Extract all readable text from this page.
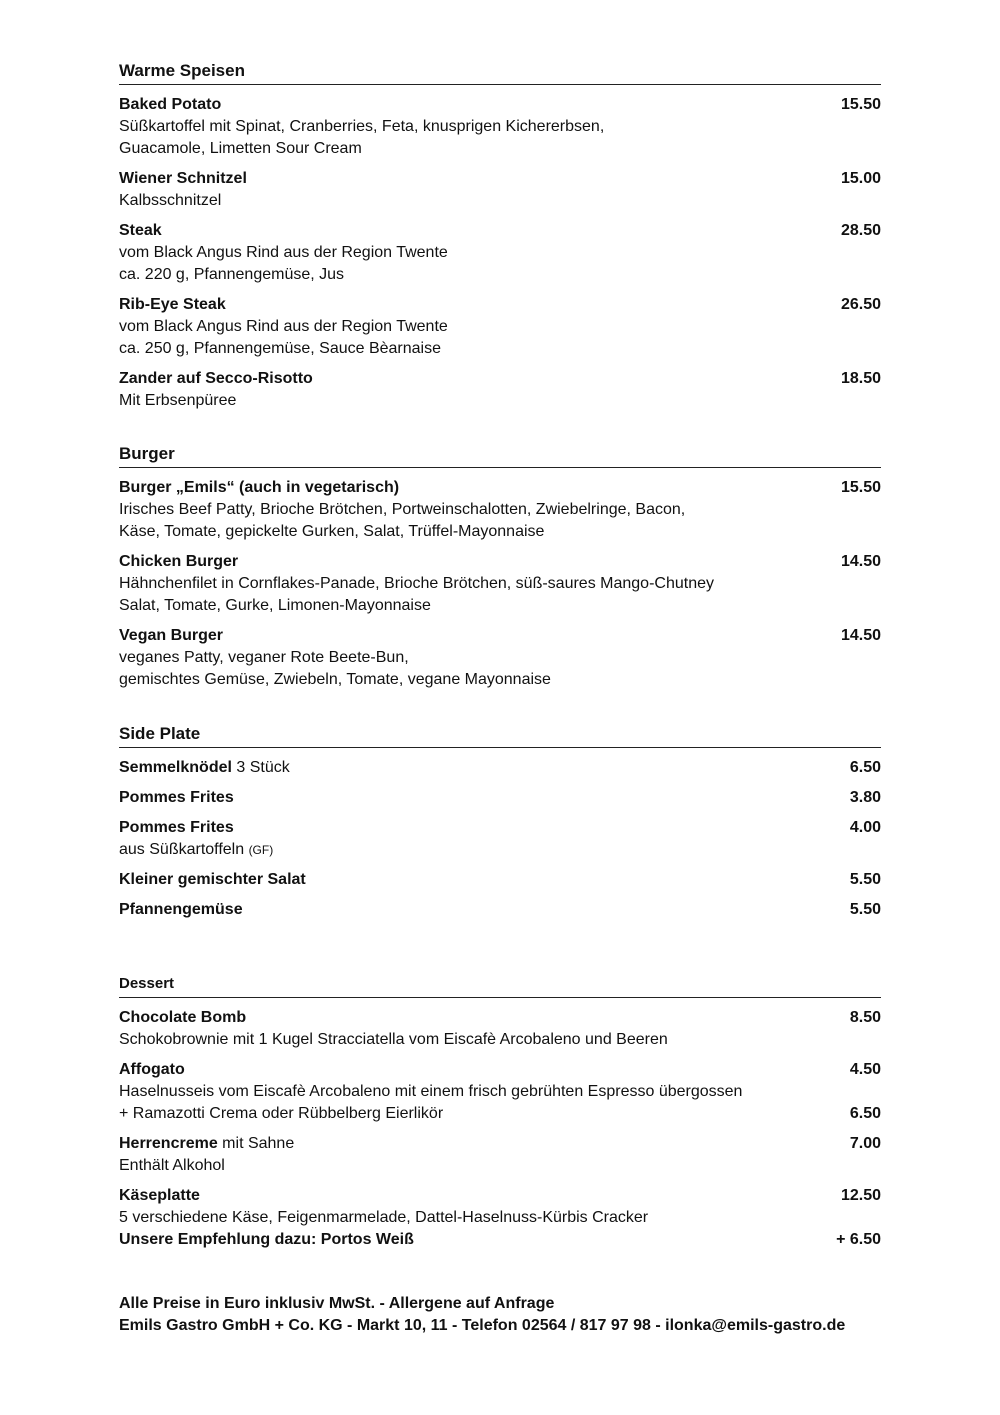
Warme Speisen
Baked Potato	15.50
Süßkartoffel mit Spinat, Cranberries, Feta, knusprigen Kichererbsen,
Guacamole, Limetten Sour Cream
Wiener Schnitzel	15.00
Kalbsschnitzel
Steak	28.50
vom Black Angus Rind aus der Region Twente
ca. 220 g, Pfannengemüse, Jus
Rib-Eye Steak	26.50
vom Black Angus Rind aus der Region Twente
ca. 250 g, Pfannengemüse, Sauce Bèarnaise
Zander auf Secco-Risotto	18.50
Mit Erbsenpüree
Burger
Burger „Emils“ (auch in vegetarisch)	15.50
Irisches Beef Patty, Brioche Brötchen, Portweinschalotten, Zwiebelringe, Bacon,
Käse, Tomate, gepickelte Gurken, Salat, Trüffel-Mayonnaise
Chicken Burger	14.50
Hähnchenfilet in Cornflakes-Panade, Brioche Brötchen, süß-saures Mango-Chutney
Salat, Tomate, Gurke, Limonen-Mayonnaise
Vegan Burger	14.50
veganes Patty, veganer Rote Beete-Bun,
gemischtes Gemüse, Zwiebeln, Tomate, vegane Mayonnaise
Side Plate
Semmelknödel 3 Stück	6.50
Pommes Frites	3.80
Pommes Frites	4.00
aus Süßkartoffeln (GF)
Kleiner gemischter Salat	5.50
Pfannengemüse	5.50
Dessert
Chocolate Bomb	8.50
Schokobrownie mit 1 Kugel Stracciatella vom Eiscafè Arcobaleno und Beeren
Affogato	4.50
Haselnusseis vom Eiscafè Arcobaleno mit einem frisch gebrühten Espresso übergossen
+ Ramazotti Crema oder Rübbelberg Eierlikör	6.50
Herrencreme mit Sahne	7.00
Enthält Alkohol
Käseplatte	12.50
5 verschiedene Käse, Feigenmarmelade, Dattel-Haselnuss-Kürbis Cracker
Unsere Empfehlung dazu: Portos Weiß	+ 6.50
Alle Preise in Euro inklusiv MwSt. - Allergene auf Anfrage
Emils Gastro GmbH + Co. KG - Markt 10, 11 - Telefon 02564 / 817 97 98 - ilonka@emils-gastro.de
